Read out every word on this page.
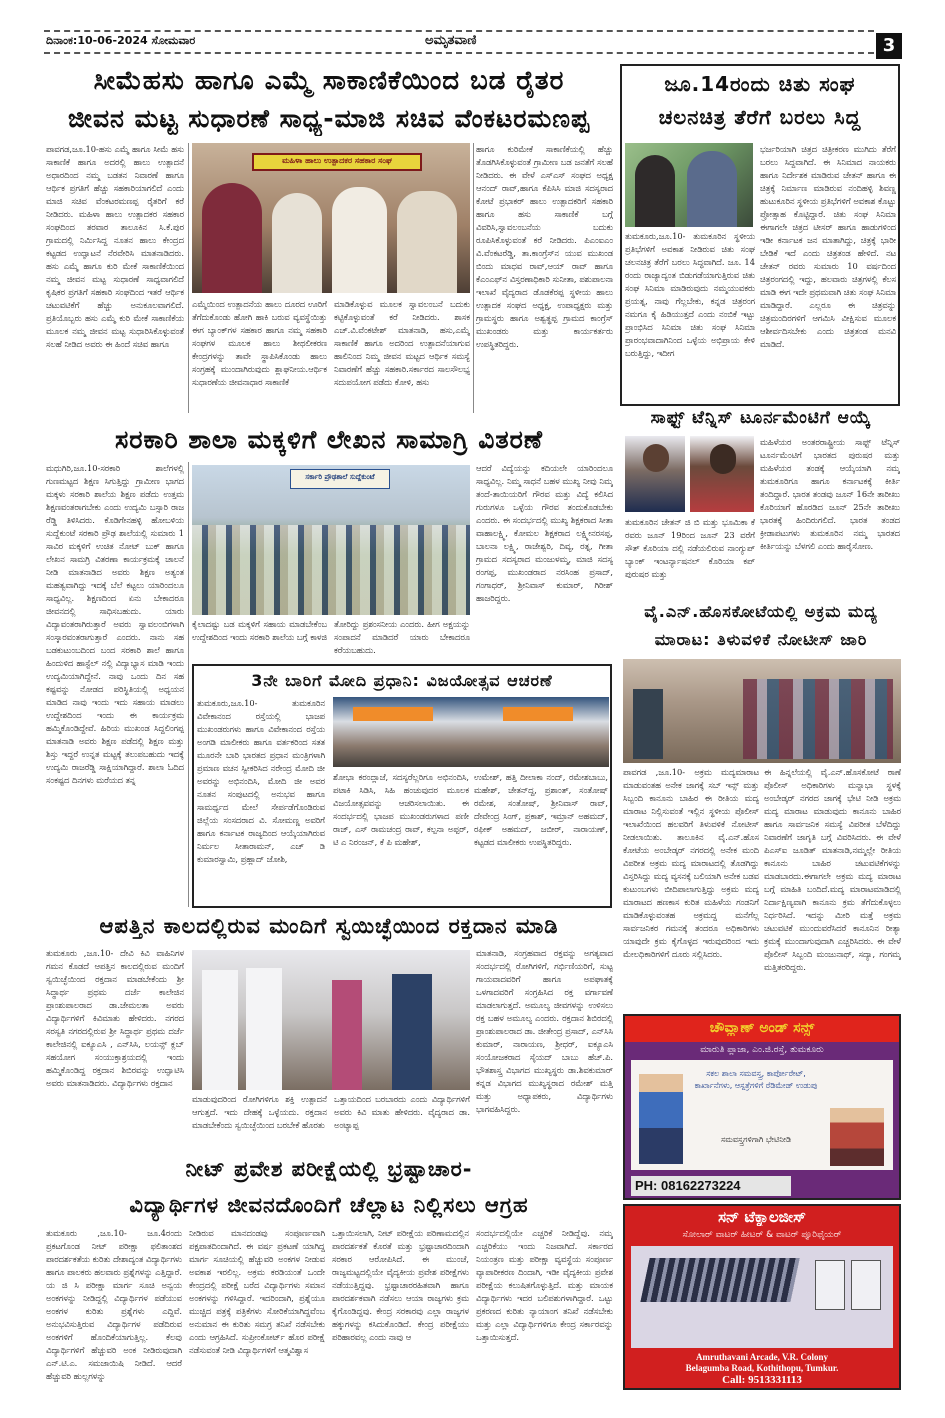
ದಿನಾಂಕ:10-06-2024 ಸೋಮವಾರ	ಅಮೃತವಾಣಿ	3
ಸೀಮೆಹಸು ಹಾಗೂ ಎಮ್ಮೆ ಸಾಕಾಣಿಕೆಯಿಂದ ಬಡ ರೈತರ
ಜೀವನ ಮಟ್ಟ ಸುಧಾರಣೆ ಸಾಧ್ಯ-ಮಾಜಿ ಸಚಿವ ವೆಂಕಟರಮಣಪ್ಪ
ಪಾವಗಡ,ಜೂ.10-ಹಸು ಎಮ್ಮೆ ಹಾಗೂ ಸೀಮೆ ಹಸು ಸಾಕಾಣಿಕೆ ಹಾಗೂ ಅದರಲ್ಲಿ ಹಾಲು ಉತ್ಪಾದನೆ ಅಧಾರದಿಂದ ನಮ್ಮ ಬಡತನ ನಿವಾರಣೆ ಹಾಗೂ ಆರ್ಥಿಕ ಪ್ರಗತಿಗೆ ಹೆಚ್ಚು ಸಹಕಾರಿಯಾಗಲಿದೆ ಎಂದು ಮಾಜಿ ಸಚಿವ ವೆಂಕಟರಮಣಪ್ಪ ರೈತರಿಗೆ ಕರೆ ನೀಡಿದರು. ಮಹಿಳಾ ಹಾಲು ಉತ್ಪಾದಕರ ಸಹಕಾರ ಸಂಘದಿಂದ ತರವಾರ ತಾಲೂಕಿನ ಸಿ.ಕೆ.ಪುರ ಗ್ರಾಮದಲ್ಲಿ ನಿರ್ಮಿಸಿದ್ದ ನೂತನ ಹಾಲು ಕೇಂದ್ರದ ಕಟ್ಟಡದ ಉದ್ಘಾಟನೆ ನೆರವೇರಿಸಿ ಮಾತನಾಡಿದರು. ಹಸು ಎಮ್ಮೆ ಹಾಗೂ ಕುರಿ ಮೇಕೆ ಸಾಕಾಣಿಕೆಯಿಂದ ನಮ್ಮ ಜೀವನ ಮಟ್ಟ ಸುಧಾರಣೆ ಸಾಧ್ಯವಾಗಲಿದೆ ಕೃಷಿಕರ ಪ್ರಗತಿಗೆ ಸಹಕಾರಿ ಸಂಘದಿಂದ ಇತರೆ ಆರ್ಥಿಕ ಚಟುವಟಿಕೆಗೆ ಹೆಚ್ಚು ಅನುಕೂಲವಾಗಲಿದೆ. ಪ್ರತಿಯೊಬ್ಬರು ಹಸು ಎಮ್ಮೆ ಕುರಿ ಮೇಕೆ ಸಾಕಾಣಿಕೆಯ ಮೂಲಕ ನಮ್ಮ ಜೀವನ ಮಟ್ಟ ಸುಧಾರಿಸಿಕೊಳ್ಳುವಂತೆ ಸಲಹೆ ನೀಡಿದ ಅವರು ಈ ಹಿಂದೆ ಸಚಿವ ಹಾಗೂ
ಮಹಿಳಾ ಹಾಲು ಉತ್ಪಾದಕರ ಸಹಕಾರ ಸಂಘ
ಎಮ್ಮೆಯಿಂದ ಉತ್ಪಾದನೆಯ ಹಾಲು ದೂರದ ಊರಿಗೆ ತೆಗೆದುಕೊಂಡು ಹೋಗಿ ಹಾಕಿ ಬರುವ ವ್ಯವಸ್ಥೆಯಿತ್ತು ಈಗ ಬ್ಯಾಂಕ್‌ಗಳ ಸಹಕಾರ ಹಾಗೂ ನಮ್ಮ ಸಹಕಾರಿ ಸಂಘಗಳ ಮೂಲಕ ಹಾಲು ಶೀಥಲೀಕರಣ ಕೇಂದ್ರಗಳನ್ನು ತಾವೇ ಸ್ಥಾಪಿಸಿಕೊಂಡು ಹಾಲು ಸಂಗ್ರಹಕ್ಕೆ ಮುಂದಾಗಿರುವುದು ಶ್ಲಾಘನೀಯ.ಆರ್ಥಿಕ ಸುಧಾರಣೆಯ ಜೀವನಾಧಾರ ಸಾಕಾಣಿಕೆ
ಮಾಡಿಕೊಳ್ಳುವ ಮೂಲಕ ಸ್ವಾವಲಂಬನೆ ಬದುಕು ಕಟ್ಟಿಕೊಳ್ಳುವಂತೆ ಕರೆ ನೀಡಿದರು. ಶಾಸಕ ಎಚ್.ವಿ.ವೆಂಕಟೇಶ್ ಮಾತನಾಡಿ, ಹಸು,ಎಮ್ಮೆ ಸಾಕಾಣಿಕೆ ಹಾಗೂ ಅದರಿಂದ ಉತ್ಪಾದನೆಯಾಗುವ ಹಾಲಿನಿಂದ ನಿಮ್ಮ ಜೀವನ ಮಟ್ಟದ ಆರ್ಥಿಕ ಸಮಸ್ಯೆ ನಿವಾರಣೆಗೆ ಹೆಚ್ಚು ಸಹಕಾರಿ.ಸರ್ಕಾರದ ಸಾಲಸೌಲಭ್ಯ ಸದುಪಯೋಗ ಪಡೆದು ಕೋಳಿ, ಹಸು
ಹಾಗೂ ಕುರಿಮೇಕೆ ಸಾಕಾಣಿಕೆಯಲ್ಲಿ ಹೆಚ್ಚು ತೊಡಗಿಸಿಕೊಳ್ಳುವಂತೆ ಗ್ರಾಮೀಣ ಬಡ ಜನತೆಗೆ ಸಲಹೆ ನೀಡಿದರು. ಈ ವೇಳೆ ಎಸ್‌ಎಸ್ ಸಂಘದ ಅಧ್ಯಕ್ಷ ಆನಂದ್ ರಾವ್,ಹಾಗೂ ಕೆಪಿಸಿಸಿ ಮಾಜಿ ಸದಸ್ಯರಾದ ಕೋಟೆ ಪ್ರಭಾಕರ್ ಹಾಲು ಉತ್ಪಾದಕರಿಗೆ ಸಹಕಾರಿ ಹಾಗೂ ಹಸು ಸಾಕಾಣಿಕೆ ಬಗ್ಗೆ ವಿವರಿಸಿ,ಸ್ವಾವಲಂಬನೆಯ ಬದುಕು ರೂಪಿಸಿಕೊಳ್ಳುವಂತೆ ಕರೆ ನೀಡಿದರು. ಪಿಎಂಐಎಂ ವಿ.ವೆಂಕಟರೆಡ್ಡಿ, ತಾ.ಕಾಂಗ್ರೆಸ್‌ನ ಯುವ ಮುಖಂಡ ಬಿಂದು ಮಾಧವ ರಾವ್,ಆಯ್ ರಾವ್ ಹಾಗೂ ಕೆಎಂಎಫ್‌ನ ವಿಸ್ತರಣಾಧಿಕಾರಿ ಸುನೀತಾ, ಪಶುಪಾಲನಾ ಇಲಾಖೆ ವೈದ್ಯರಾದ ಡೊಡಕೆರಪ್ಪ ಸ್ಥಳೀಯ ಹಾಲು ಉತ್ಪಾದಕ ಸಂಘದ ಅಧ್ಯಕ್ಷ, ಉಪಾಧ್ಯಕ್ಷರು ಮತ್ತು ಗ್ರಾಮಸ್ಥರು ಹಾಗೂ ಅಶ್ವತ್ಥಪ್ಪ ಗ್ರಾಮದ ಕಾಂಗ್ರೆಸ್ ಮುಖಂಡರು ಮತ್ತು ಕಾರ್ಯಕರ್ತರು ಉಪಸ್ಥಿತರಿದ್ದರು.
ಜೂ.14ರಂದು ಚಿತು ಸಂಘ
ಚಲನಚಿತ್ರ ತೆರೆಗೆ ಬರಲು ಸಿದ್ದ
ಭರ್ಜರಿಯಾಗಿ ಚಿತ್ರದ ಚಿತ್ರೀಕರಣ ಮುಗಿದು ತೆರೆಗೆ ಬರಲು ಸಿದ್ದವಾಗಿದೆ. ಈ ಸಿನಿಮಾದ ನಾಯಕರು ಹಾಗೂ ನಿರ್ದೇಶಕ ಮಾಡಿರುವ ಚೇತನ್ ಹಾಗೂ ಈ ಚಿತ್ರಕ್ಕೆ ನಿರ್ಮಾಣ ಮಾಡಿರುವ ನಂದಿಹಳ್ಳಿ ಶಿವಣ್ಣ ಹುಟುಕೂರಿನ ಸ್ಥಳೀಯ ಪ್ರತಿಭೆಗಳಿಗೆ ಅವಕಾಶ ಕೊಟ್ಟು ಪ್ರೋತ್ಸಾಹ ಕೊಟ್ಟಿದ್ದಾರೆ. ಚಿತು ಸಂಘ ಸಿನಿಮಾ ಈಗಾಗಲೇ ಚಿತ್ರದ ಟೀಸರ್ ಹಾಗೂ ಹಾಡುಗಳಿಂದ ಇಡೀ ಕರ್ನಾಟಕ ಜನ ಮಾತಾಗಿದ್ದು, ಚಿತ್ರಕ್ಕೆ ಭಾರೀ ಬೇಡಿಕೆ ಇದೆ ಎಂದು ಚಿತ್ರತಂಡ ಹೇಳಿದೆ. ನಟ ಚೇತನ್ ರವರು ಸುಮಾರು 10 ವರ್ಷದಿಂದ ಚಿತ್ರರಂಗದಲ್ಲಿ ಇದ್ದು, ಹಲವಾರು ಚಿತ್ರಗಳಲ್ಲಿ ಕೆಲಸ ಮಾಡಿ ಈಗ ಇದೇ ಪ್ರಥಮವಾಗಿ ಚಿತು ಸಂಘ ಸಿನಿಮಾ ಮಾಡಿದ್ದಾರೆ. ಎಲ್ಲರೂ ಈ ಚಿತ್ರವನ್ನು ಚಿತ್ರಮಂದಿರಗಳಿಗೆ ಆಗಮಿಸಿ ವೀಕ್ಷಿಸುವ ಮೂಲಕ ಆಶೀರ್ವದಿಸಬೇಕು ಎಂದು ಚಿತ್ರತಂಡ ಮನವಿ ಮಾಡಿದೆ.
ತುಮಕೂರು,ಜೂ.10- ತುಮಕೂರಿನ ಸ್ಥಳೀಯ ಪ್ರತಿಭೆಗಳಿಗೆ ಅವಕಾಶ ನೀಡಿರುವ ಚಿತು ಸಂಘ ಚಲನಚಿತ್ರ ತೆರೆಗೆ ಬರಲು ಸಿದ್ಧವಾಗಿದೆ. ಜೂ. 14 ರಂದು ರಾಜ್ಯಾದ್ಯಂತ ಬಿಡುಗಡೆಯಾಗುತ್ತಿರುವ ಚಿತು ಸಂಘ ಸಿನಿಮಾ ಮಾಡಿರುವುದು ನಮ್ಮಯುವಕರು ಪ್ರಯತ್ನ, ನಾವು ಗೆಲ್ಲಬೇಕು, ಕನ್ನಡ ಚಿತ್ರರಂಗ ನಮಗೂ ಕೈ ಹಿಡಿಯುತ್ತದೆ ಎಂದು ನಂಬಿಕೆ ಇಟ್ಟು ಪ್ರಾಂಭಿಸಿದ ಸಿನಿಮಾ ಚಿತು ಸಂಘ ಸಿನಿಮಾ ಪ್ರಾರಂಭವಾದಾಗಿನಿಂದ ಒಳ್ಳೆಯ ಅಭಿಪ್ರಾಯ ಕೇಳಿ ಬರುತ್ತಿದ್ದು, ಇದೀಗ
ಸರಕಾರಿ ಶಾಲಾ ಮಕ್ಕಳಿಗೆ ಲೇಖನ ಸಾಮಾಗ್ರಿ ವಿತರಣೆ
ಮಧುಗಿರಿ,ಜೂ.10-ಸರಕಾರಿ ಶಾಲೆಗಳಲ್ಲಿ ಗುಣಮಟ್ಟದ ಶಿಕ್ಷಣ ಸಿಗುತ್ತಿದ್ದು ಗ್ರಾಮೀಣ ಭಾಗದ ಮಕ್ಕಳು ಸರಕಾರಿ ಶಾಲೆಯ ಶಿಕ್ಷಣ ಪಡೆದು ಉತ್ತಮ ಶಿಕ್ಷಣವಂತರಾಗಬೇಕು ಎಂದು ಉದ್ಯಮಿ ಬಸ್ಸಾರಿ ರಾಜ ರೆಡ್ಡಿ ತಿಳಿಸಿದರು. ಕೊಡಿಗೇನಹಳ್ಳಿ ಹೋಬಳಿಯ ಸುದ್ದೆಕುಂಟೆ ಸರಕಾರಿ ಪ್ರೌಢ ಶಾಲೆಯಲ್ಲಿ ಸುಮಾರು 1 ಸಾವಿರ ಮಕ್ಕಳಿಗೆ ಉಚಿತ ನೋಟ್ ಬುಕ್ ಹಾಗೂ ಲೇಖನ ಸಾಮಗ್ರಿ ವಿತರಣಾ ಕಾರ್ಯಕ್ರಮಕ್ಕೆ ಚಾಲನೆ ನೀಡಿ ಮಾತನಾಡಿದ ಅವರು ಶಿಕ್ಷಣ ಅತ್ಯಂತ ಮಹತ್ವವಾಗಿದ್ದು ಇದಕ್ಕೆ ಬೆಲೆ ಕಟ್ಟಲು ಯಾರಿಂದಲೂ ಸಾಧ್ಯವಿಲ್ಲ. ಶಿಕ್ಷಣದಿಂದ ಏನು ಬೇಕಾದರೂ ಜೀವನದಲ್ಲಿ ಸಾಧಿಸಬಹುದು. ಯಾರು ವಿದ್ಯಾವಂತರಾಗಿರುತ್ತಾರೆ ಅವರು ಸ್ವಾವಲಂಬಿಗಳಾಗಿ ಸಂಸ್ಕಾರವಂತರಾಗುತ್ತಾರೆ ಎಂದರು. ನಾನು ಸಹ ಬಡಕುಟುಂಬದಿಂದ ಬಂದ ಸರಕಾರಿ ಶಾಲೆ ಹಾಗೂ ಹಿಂದುಳಿದ ಹಾಸ್ಟೆಲ್ ನಲ್ಲಿ ವಿದ್ಯಾಭ್ಯಾಸ ಮಾಡಿ ಇಂದು ಉದ್ಯಮಿಯಾಗಿದ್ದೇನೆ. ನಾವು ಒಂದು ದಿನ ಸಹ ಕಷ್ಟವನ್ನು ನೋಡದ ಪರಿಸ್ಥಿತಿಯಲ್ಲಿ ಅಧ್ಯಯನ ಮಾಡಿದ ನಾವು ಇಂದು ಇದು ಸಹಾಯ ಮಾಡಲು ಉದ್ದೇಶದಿಂದ ಇಂದು ಈ ಕಾರ್ಯಕ್ರಮ ಹಮ್ಮಿಕೊಂಡಿದ್ದೇವೆ. ಹಿರಿಯ ಮುಖಂಡ ಸಿದ್ದಲಿಂಗಪ್ಪ ಮಾತನಾಡಿ ಅವರು ಶಿಕ್ಷಣ ಪಡೆದಲ್ಲಿ ಶಿಕ್ಷಣ ಮತ್ತು ಶಿಸ್ತು ಇದ್ದರೆ ಉನ್ನತ ಮಟ್ಟಕ್ಕೆ ತಲುಪಬಹುದು ಇದಕ್ಕೆ ಉದ್ಯಮಿ ರಾಜರೆಡ್ಡಿ ಸಾಕ್ಷಿಯಾಗಿದ್ದಾರೆ. ಶಾಲಾ ಓದಿದ ಸಂಕಷ್ಟದ ದಿನಗಳು ಮರೆಯದ ತನ್ನ
ಸರ್ಕಾರಿ ಪ್ರೌಢಶಾಲೆ ಸುದ್ದೆಕುಂಟೆ
ಕೈಲಾದಷ್ಟು ಬಡ ಮಕ್ಕಳಿಗೆ ಸಹಾಯ ಮಾಡಬೇಕೆಂಬ ಉದ್ದೇಶದಿಂದ ಇಂದು ಸರಕಾರಿ ಶಾಲೆಯ ಬಗ್ಗೆ ಕಾಳಜಿ
ತೋರಿದ್ದು ಪ್ರಶಂಸನೀಯ ಎಂದರು. ಹೀಗ ಅಕ್ಷಯನ್ನು ಸಂಪಾದನೆ ಮಾಡಿದರೆ ಯಾರು ಬೇಕಾದರೂ ಕರೆಯಬಹುದು.
ಆದರೆ ವಿದ್ಯೆಯನ್ನು ಕದಿಯಲೇ ಯಾರಿಂದಲೂ ಸಾಧ್ಯವಿಲ್ಲ. ನಿಮ್ಮ ಸಾಧನೆ ಬಹಳ ಮುಖ್ಯ ನೀವು ನಿಮ್ಮ ತಂದೆ-ತಾಯಿಯರಿಗೆ ಗೌರವ ಮತ್ತು ವಿದ್ಯೆ ಕಲಿಸಿದ ಗುರುಗಳೂ ಒಳ್ಳೆಯ ಗೌರವ ತಂದುಕೊಡಬೇಕು ಎಂದರು. ಈ ಸಂದರ್ಭದಲ್ಲಿ ಮುಖ್ಯ ಶಿಕ್ಷಕರಾದ ಸೀತಾ ವಾಹಾಲಕ್ಷ್ಮಿ, ಕೋಮಲ ಶಿಕ್ಷಕರಾದ ಲಕ್ಷ್ಮೀನರಸಪ್ಪ, ಬಾಲನಾ ಲಕ್ಷ್ಮಿ, ರಾಜೇಶ್ವರಿ, ದಿವ್ಯ, ರತ್ನ, ಗೀತಾ ಗ್ರಾಮದ ಸದಸ್ಯರಾದ ಮಂಜುಳಮ್ಮ, ಮಾಜಿ ಸದಸ್ಯ ರಂಗಪ್ಪ, ಮುಖಂಡರಾದ ನರಸಿಂಹ ಪ್ರಸಾದ್, ಗಂಗಾಧರ್, ಶ್ರೀನಿವಾಸ್ ಕುಮಾರ್, ಗಿರೀಶ್ ಹಾಜರಿದ್ದರು.
3ನೇ ಬಾರಿಗೆ ಮೋದಿ ಪ್ರಧಾನಿ: ವಿಜಯೋತ್ಸವ ಆಚರಣೆ
ತುಮಕೂರು,ಜೂ.10- ತುಮಕೂರಿನ ವಿವೇಕಾನಂದ ರಸ್ತೆಯಲ್ಲಿ ಭಾಜಪ ಮುಖಂಡರುಗಳು ಹಾಗೂ ವಿವೇಕಾನಂದ ರಸ್ತೆಯ ಅಂಗಡಿ ಮಾಲೀಕರು ಹಾಗೂ ವರ್ತಕರಿಂದ ಸತತ ಮೂರನೇ ಬಾರಿ ಭಾರತದ ಪ್ರಧಾನ ಮಂತ್ರಿಗಳಾಗಿ ಪ್ರಮಾಣ ವಚನ ಸ್ವೀಕರಿಸಿದ ನರೇಂದ್ರ ಮೋದಿ ಜೀ ಅವರನ್ನು ಅಭಿನಂದಿಸಿ, ಮೋದಿ ಜೀ ಅವರ ನೂತನ ಸಂಪುಟದಲ್ಲಿ ಅನುಭವ ಹಾಗೂ ಸಾಮರ್ಥ್ಯದ ಮೇಲೆ ಸೇರ್ಪಡೆಗೊಂಡಿರುವ ಜಿಲ್ಲೆಯ ಸಂಸದರಾದ ವಿ. ಸೋಮಣ್ಣ ಅವರಿಗೆ ಹಾಗೂ ಕರ್ನಾಟಕ ರಾಜ್ಯದಿಂದ ಆಯ್ಕೆಯಾಗಿರುವ ನಿರ್ಮಲ ಸೀತಾರಾಮನ್, ಎಚ್ ಡಿ ಕುಮಾರಸ್ವಾಮಿ, ಪ್ರಹ್ಲಾದ್ ಜೋಶಿ,
ಶೋಭಾ ಕರಂದ್ಲಾಜೆ, ಸದಸ್ಯರೆಲ್ಲರಿಗೂ ಅಭಿನಂದಿಸಿ, ಪಟಾಕಿ ಸಿಡಿಸಿ, ಸಿಹಿ ಹಂಚುವುದರ ಮೂಲಕ ವಿಜಯೋತ್ಸವವನ್ನು ಆಚರಿಸಲಾಯಿತು. ಈ ಸಂದರ್ಭದಲ್ಲಿ ಭಾಜಪ ಮುಖಂಡರುಗಳಾದ ಪಣೀ ರಾಜ್, ಎಸ್ ರಾಮಚಂದ್ರ ರಾವ್, ಕಲ್ಪನಾ ಅಪ್ಪರ್, ಟಿ ಎ ನಿರಂಜನ್, ಕೆ ಪಿ ಮಹೇಶ್,
ಉಮೇಶ್, ಹತ್ತಿ ದೀಲಾಕಾ ನಂದ್, ರಮೇಶಬಾಬು, ಮಹೇಶ್, ಚೇತನ್‌ದ್ದ, ಪ್ರಶಾಂತ್, ಸಂತೋಷ್ ರಮೇಶ, ಸಂತೋಷ್, ಶ್ರೀನಿವಾಸ್ ರಾವ್, ದೇವೇಂದ್ರ ಸಿಂಗ್, ಪ್ರಕಾಶ್, ಇಮ್ರಾನ್ ಅಹಮದ್, ರಫೀಕ್ ಅಹಮದ್, ಜಬೀರ್, ನಾರಾಯಣ್, ಕಟ್ಟಡದ ಮಾಲೀಕರು ಉಪಸ್ಥಿತರಿದ್ದರು.
ಸಾಫ್ಟ್ ಟೆನ್ನಿಸ್ ಟೂರ್ನಮೆಂಟಿಗೆ ಆಯ್ಕೆ
ಮಹಿಳೆಯರ ಅಂತರರಾಷ್ಟ್ರೀಯ ಸಾಫ್ಟ್ ಟೆನ್ನಿಸ್ ಟೂರ್ನಮೆಂಟಿಗೆ ಭಾರತದ ಪುರುಷರ ಮತ್ತು ಮಹಿಳೆಯರ ತಂಡಕ್ಕೆ ಆಯ್ಕೆಯಾಗಿ ನಮ್ಮ ತುಮಕೂರಿಗೂ ಹಾಗೂ ಕರ್ನಾಟಕಕ್ಕೆ ಕೀರ್ತಿ ತಂದಿದ್ದಾರೆ. ಭಾರತ ತಂಡವು ಜೂನ್ 16ನೇ ತಾರೀಖು ಕೊರಿಯಾಗೆ ಹೊರಡಿದ ಜೂನ್ 25ನೇ ತಾರೀಖು ಭಾರತಕ್ಕೆ ಹಿಂದಿರುಗಲಿದೆ. ಭಾರತ ತಂಡದ ಕ್ರೀಡಾಪಟುಗಳು ತುಮಕೂರಿನ ನಮ್ಮ ಭಾರತದ ಕೀರ್ತಿಯನ್ನು ಬೆಳಗಲಿ ಎಂದು ಹಾರೈಸೋಣ.
ತುಮಕೂರಿನ ಚೇತನ್ ಜಿ ಬಿ ಮತ್ತು ಭೂಮಿಕಾ ಕೆ ರವರು ಜೂನ್ 19ರಿಂದ ಜೂನ್ 23 ವರೆಗೆ ಸೌತ್ ಕೊರಿಯಾ ದಲ್ಲಿ ನಡೆಯಲಿರುವ ನಾಂಗ್ಯುಪ್ ಬ್ಯಾಂಕ್ ಇಂಟರ್ನ್ಯಾಷನಲ್ ಕೊರಿಯಾ ಕಪ್ ಪುರುಷರ ಮತ್ತು
ವೈ.ಎನ್.ಹೊಸಕೋಟೆಯಲ್ಲಿ ಅಕ್ರಮ ಮದ್ಯ
ಮಾರಾಟ: ತಿಳುವಳಿಕೆ ನೋಟೀಸ್ ಜಾರಿ
ಪಾವಗಡ ,ಜೂ.10- ಅಕ್ರಮ ಮದ್ಯಮಾರಾಟ ಮಾಡುವಂತಹ ಅನೇಕ ಜಾಗಕ್ಕೆ ಸಬ್ ಇನ್ಸ್ ಮತ್ತು ಸಿಬ್ಬಂದಿ ಕಾನೂನು ಬಾಹಿರ ಈ ರೀತಿಯ ಮದ್ಯ ಮಾರಾಟ ನಿಲ್ಲಿಸುವಂತೆ ಇಲ್ಲಿನ ಸ್ಥಳೀಯ ಪೊಲೀಸ್ ಇಲಾಖೆಯಿಂದ ಹಲವರಿಗೆ ತಿಳುವಳಿಕೆ ನೋಟೀಸ್ ನೀಡಲಾಯಿತು. ತಾಲೂಕಿನ ವೈ.ಎನ್.ಹೊಸ ಕೋಟೆಯ ಅಂಬೇಡ್ಕರ್ ನಗರದಲ್ಲಿ ಅನೇಕ ಮಂದಿ ವಿಪರೀತ ಅಕ್ರಮ ಮದ್ಯ ಮಾರಾಟದಲ್ಲಿ ತೊಡಗಿದ್ದು ವಿಸ್ತರಿಸಿದ್ದು ಮದ್ಯ ವ್ಯಸನಕ್ಕೆ ಬಲಿಯಾಗಿ ಅನೇಕ ಬಡವ ಕುಟುಂಬಗಳು ಬೀದಿಪಾಲಾಗುತ್ತಿದ್ದು ಅಕ್ರಮ ಮದ್ಯ ಮಾರಾಟದ ಹಣಕಾಸ ಕುರಿತ ಮಹಿಳೆಯ ಗಂಡನಿಗೆ ಮಾಡಿಕೊಳ್ಳುವಂತಹ ಅಕ್ರಮದ್ದ ಮನೆಗೆಲ್ಲ ಸಾರ್ವಜನಿಕರ ಗಮನಕ್ಕೆ ತಂದರೂ ಅಧಿಕಾರಿಗಳು ಯಾವುದೇ ಕ್ರಮ ಕೈಗೊಳ್ಳದ ಇರುವುದರಿಂದ ಇದು ಮೇಲಧಿಕಾರಿಗಳಿಗೆ ದೂರು ಸಲ್ಲಿಸಿದರು.
ಈ ಹಿನ್ನಲೆಯಲ್ಲಿ ವೈ.ಎನ್.ಹೊಸಕೋಟೆ ಠಾಣೆ ಪೊಲೀಸ್ ಅಧಿಕಾರಿಗಳು ಮನ್ನಾಭಾ ಸ್ಥಳಕ್ಕೆ ಅಂಬೇಡ್ಕರ್ ನಗರದ ಜಾಗಕ್ಕೆ ಭೇಟಿ ನೀಡಿ ಅಕ್ರಮ ಮದ್ಯ ಮಾರಾಟ ಮಾಡುವುದು ಕಾನೂನು ಬಾಹಿರ ಹಾಗೂ ಸಾರ್ವಜನಿಕ ಸಮಸ್ಯೆ ವಿಪರೀತ ಬೆಳೆದಿದ್ದು ನಿವಾರಣೆಗೆ ಜಾಗೃತಿ ಬಗ್ಗೆ ವಿವರಿಸಿದರು. ಈ ವೇಳೆ ಪಿಎಸ್‌ಐ ಜೂಡಿತ್ ಮಾತನಾಡಿ,ನಮ್ಮಲ್ಲೇ ರೀತಿಯ ಕಾನೂನು ಬಾಹಿರ ಚಟುವಟಿಕೆಗಳನ್ನು ಮಾಡಬಾರದು.ಈಗಾಗಲೇ ಅಕ್ರಮ ಮದ್ಯ ಮಾರಾಟ ಬಗ್ಗೆ ಮಾಹಿತಿ ಬಂದಿದೆ.ಮದ್ಯ ಮಾರಾಟಮಾಡಿದಲ್ಲಿ ನಿರ್ದಾಕ್ಷಿಣ್ಯವಾಗಿ ಕಾನೂನು ಕ್ರಮ ತೆಗೆದುಕೊಳ್ಳಲು ನಿರ್ಧರಿಸಿದೆ. ಇದನ್ನು ಮೀರಿ ಮತ್ತೆ ಅಕ್ರಮ ಚಟುವಟಿಕೆ ಮುಂದುವರೆಸಿದರೆ ಕಾನೂನಿನ ರೀತ್ಯಾ ಕ್ರಮಕ್ಕೆ ಮುಂದಾಗುವುದಾಗಿ ಎಚ್ಚರಿಸಿದರು. ಈ ವೇಳೆ ಪೊಲೀಸ್ ಸಿಬ್ಬಂದಿ ಮಂಜುನಾಥ್, ಸದ್ಯಾ, ಗಂಗಮ್ಮ ಮತ್ತಿತರರಿದ್ದರು.
ಆಪತ್ತಿನ ಕಾಲದಲ್ಲಿರುವ ಮಂದಿಗೆ ಸ್ವಯಿಚ್ಛೆಯಿಂದ ರಕ್ತದಾನ ಮಾಡಿ
ತುಮಕೂರು ,ಜೂ.10- ದೇವಿ ಕಿವಿ ವಾಹಿನಿಗಳ ಗಮನ ಕೊಡದೆ ಆಪತ್ತಿನ ಕಾಲದಲ್ಲಿರುವ ಮಂದಿಗೆ ಸ್ವಯಿಚ್ಛೆಯಿಂದ ರಕ್ತದಾನ ಮಾಡಬೇಕೆಂದು ಶ್ರೀ ಸಿದ್ಧಾರ್ಥ ಪ್ರಥಮ ದರ್ಜೆ ಕಾಲೇಜಿನ ಪ್ರಾಂಶುಪಾಲರಾದ ಡಾ.ಜೇಮಲತಾ ಅವರು ವಿದ್ಯಾರ್ಥಿಗಳಿಗೆ ಕಿವಿಮಾತು ಹೇಳಿದರು. ನಗರದ ಸರಸ್ವತಿ ನಗರದಲ್ಲಿರುವ ಶ್ರೀ ಸಿದ್ಧಾರ್ಥ ಪ್ರಥಮ ದರ್ಜೆ ಕಾಲೇಜಿನಲ್ಲಿ ಐಕ್ಯೂಎಸಿ , ಎನ್‌ಸಿಸಿ, ಲಯನ್ಸ್ ಕ್ಲಬ್ ಸಹಯೋಗ ಸಂಯುಕ್ತಾಶ್ರಯದಲ್ಲಿ ಇಂದು ಹಮ್ಮಿಕೊಂಡಿದ್ದ ರಕ್ತದಾನ ಶಿಬಿರವನ್ನು ಉದ್ಘಾಟಿಸಿ ಅವರು ಮಾತನಾಡಿದರು. ವಿದ್ಯಾರ್ಥಿಗಳು ರಕ್ತದಾನ
ಮಾಡುವುದರಿಂದ ರೋಗಿಗಳಿಗೂ ಶಕ್ತಿ ಉತ್ಪಾದನೆ ಆಗುತ್ತದೆ. ಇದು ದೇಹಕ್ಕೆ ಒಳ್ಳೆಯದು. ರಕ್ತದಾನ ಮಾಡಬೇಕೆಂದು ಸ್ವಯಿಚ್ಛೆಯಿಂದ ಬರಬೇಕೆ ಹೊರತು
ಒತ್ತಾಯದಿಂದ ಬರಬಾರದು ಎಂದು ವಿದ್ಯಾರ್ಥಿಗಳಿಗೆ ಅವರು ಕಿವಿ ಮಾತು ಹೇಳಿದರು. ವೈದ್ಯರಾದ ಡಾ. ಅಂಟ್ಯಾಪ್ಪ
ಮಾತನಾಡಿ, ಸಂಗ್ರಹವಾದ ರಕ್ತವನ್ನು ಅಗತ್ಯವಾದ ಸಂದರ್ಭದಲ್ಲಿ ರೋಗಿಗಳಿಗೆ, ಗರ್ಭಿಣಿಯರಿಗೆ, ಸುಟ್ಟ ಗಾಯವಾದವರಿಗೆ ಹಾಗೂ ಅಪಘಾತಕ್ಕೆ ಒಳಗಾದವರಿಗೆ ಸಂಗ್ರಹಿಸಿದ ರಕ್ತ ವರ್ಗಾವಣೆ ಮಾಡಲಾಗುತ್ತದೆ. ಅಮೂಲ್ಯ ಜೀವಗಳನ್ನು ಉಳಿಸಲು ರಕ್ತ ಬಹಳ ಅಮೂಲ್ಯ ಎಂದರು. ರಕ್ತದಾನ ಶಿಬಿರದಲ್ಲಿ ಪ್ರಾಂಶುಪಾಲರಾದ ಡಾ. ಜೀತೇಂದ್ರ ಪ್ರಸಾದ್, ಎನ್‌ಸಿಸಿ ಕುಮಾರ್, ನಾರಾಯಣ, ಶ್ರೀಧರ್, ಐಕ್ಯೂಎಸಿ ಸಂಯೋಜಕರಾದ ಸೈಯದ್ ಬಾಬು ಹೆಚ್.ಪಿ. ಭೌತಶಾಸ್ತ್ರ ವಿಭಾಗದ ಮುಖ್ಯಸ್ಥರು ಡಾ.ಶಿವಕುಮಾರ್ ಕನ್ನಡ ವಿಭಾಗದ ಮುಖ್ಯಸ್ಥರಾದ ರಮೇಶ್ ಮತ್ತಿ ಮತ್ತು ಅಧ್ಯಾಪಕರು, ವಿದ್ಯಾರ್ಥಿಗಳು ಭಾಗವಹಿಸಿದ್ದರು.
ನೀಟ್ ಪ್ರವೇಶ ಪರೀಕ್ಷೆಯಲ್ಲಿ ಭ್ರಷ್ಟಾಚಾರ-
ವಿದ್ಯಾರ್ಥಿಗಳ ಜೀವನದೊಂದಿಗೆ ಚೆಲ್ಲಾಟ ನಿಲ್ಲಿಸಲು ಆಗ್ರಹ
ತುಮಕೂರು ,ಜೂ.10- ಜೂ.4ರಂದು ಪ್ರಕಟಗೊಂಡ ನೀಟ್ ಪರೀಕ್ಷಾ ಫಲಿತಾಂಶದ ಪಾರದರ್ಶಕತೆಯ ಕುರಿತು ದೇಶಾದ್ಯಂತ ವಿದ್ಯಾರ್ಥಿಗಳು ಹಾಗೂ ಪಾಲಕರು ಹಲವಾರು ಪ್ರಶ್ನೆಗಳನ್ನು ಎತ್ತಿದ್ದಾರೆ. ಯ ಜಿ ಸಿ ಪರೀಕ್ಷಾ ಮಾರ್ಗ ಸೂಚಿ ಅನ್ವಯ ಅಂಕಗಳನ್ನು ನೀಡಿದ್ದಲ್ಲಿ ವಿದ್ಯಾರ್ಥಿಗಳ ಪಡೆಯುವ ಅಂಕಗಳ ಕುರಿತು ಪ್ರಶ್ನೆಗಳು ಎದ್ದಿವೆ. ಅನುಭವಿಸುತ್ತಿರುವ ವಿದ್ಯಾರ್ಥಿಗಳ ಪಡೆದಿರುವ ಅಂಕಗಳಿಗೆ ಹೊಂದಿಕೆಯಾಗುತ್ತಿಲ್ಲ. ಕೆಲವು ವಿದ್ಯಾರ್ಥಿಗಳಿಗೆ ಹೆಚ್ಚುವರಿ ಅಂಕ ನೀಡಿರುವುದಾಗಿ ಎನ್.ಟಿ.ಎ. ಸಮಜಾಯಿಷಿ ನೀಡಿದೆ. ಆದರೆ ಹೆಚ್ಚುವರಿ ಹುಲ್ಲಗಳನ್ನು
ನೀಡಿರುವ ಮಾನದಂಡವು ಸಂಪೂರ್ಣವಾಗಿ ಪಕ್ಷಪಾತದಿಂದಾಗಿದೆ. ಈ ವರ್ಷ ಪ್ರಕಟಣೆ ಯಾಗಿದ್ದ ಮಾರ್ಗ ಸೂಚಿಯಲ್ಲಿ ಹೆಚ್ಚುವರಿ ಅಂಕಗಳ ನೀಡುವ ಅವಕಾಶ ಇರಲಿಲ್ಲ. ಅಕ್ರಮ ಕರಡಿಯಂತೆ ಒಂದೇ ಕೇಂದ್ರದಲ್ಲಿ ಪರೀಕ್ಷೆ ಬರೆದ ವಿದ್ಯಾರ್ಥಿಗಳು ಸಮಾನ ಅಂಕಗಳನ್ನು ಗಳಿಸಿದ್ದಾರೆ. ಇದರಿಂದಾಗಿ, ಪ್ರಶ್ನೆಯೂ ಮುಚ್ಚಿದ ಪತ್ರಕ್ಕೆ ಪತ್ರಿಕೆಗಳು ಸೋರಿಕೆಯಾಗಿದ್ದವೆಂಬ ಅನುಮಾನ ಈ ಕುರಿತು ಸಮಗ್ರ ತನಿಖೆ ನಡೆಸಬೇಕು ಎಂದು ಆಗ್ರಹಿಸಿದೆ. ಸುಪ್ರೀಂಕೋರ್ಟ್ ಹೊರ ಪರೀಕ್ಷೆ ನಡೆಸುವಂತೆ ನೀಡಿ ವಿದ್ಯಾರ್ಥಿಗಳಿಗೆ ಆತ್ಮವಿಶ್ವಾಸ
ಒತ್ತಾಯಿಸಲಾಗಿ, ನೀಟ್ ಪರೀಕ್ಷೆಯ ಪರಿಣಾಮದಲ್ಲಿನ ಪಾರದರ್ಶಕತೆ ಕೊರತೆ ಮತ್ತು ಭ್ರಷ್ಟಾಚಾರದಿಂದಾಗಿ ಸರಕಾರ ಆರೋಪಿಸಿದೆ. ಈ ಮುಂಚೆ, ರಾಜ್ಯಮಟ್ಟದಲ್ಲಿಯೇ ವೈದ್ಯಕೀಯ ಪ್ರವೇಶ ಪರೀಕ್ಷೆಗಳು ನಡೆಯುತ್ತಿದ್ದವು. ಭ್ರಷ್ಟಾಚಾರರಹಿತವಾಗಿ ಹಾಗೂ ಪಾರದರ್ಶಕವಾಗಿ ನಡೆಸಲು ಆಯಾ ರಾಜ್ಯಗಳು ಕ್ರಮ ಕೈಗೊಂಡಿದ್ದವು. ಕೇಂದ್ರ ಸರಕಾರವು ಎಲ್ಲಾ ರಾಜ್ಯಗಳ ಹಕ್ಕುಗಳನ್ನು ಕಸಿದುಕೊಂಡಿದೆ. ಕೇಂದ್ರ ಪರೀಕ್ಷೆಯು ಪರಿಹಾರವಲ್ಲ ಎಂದು ನಾವು ಆ
ಸಂದರ್ಭದಲ್ಲಿಯೇ ಎಚ್ಚರಿಕೆ ನೀಡಿದ್ದೆವು. ನಮ್ಮ ಎಚ್ಚರಿಕೆಯು ಇಂದು ನಿಜವಾಗಿದೆ. ಸರ್ಕಾರದ ನಿಯಂತ್ರಣ ಮತ್ತು ಪರೀಕ್ಷಾ ವ್ಯವಸ್ಥೆಯ ಸಂಪೂರ್ಣ ವ್ಯಾಪಾರೀಕರಣ ದಿಂದಾಗಿ, ಇಡೀ ವೈದ್ಯಕೀಯ ಪ್ರವೇಶ ಪರೀಕ್ಷೆಯ ಕಲುಷಿತಗೊಳ್ಳುತ್ತಿದೆ. ಮತ್ತು ಮಾಯಕ ವಿದ್ಯಾರ್ಥಿಗಳು ಇದರ ಬಲಿಪಶುಗಳಾಗಿದ್ದಾರೆ. ಒಟ್ಟು ಪ್ರಕರಣದ ಕುರಿತು ನ್ಯಾಯಾಂಗ ತನಿಖೆ ನಡೆಸಬೇಕು ಮತ್ತು ಎಲ್ಲಾ ವಿದ್ಯಾರ್ಥಿಗಳಿಗೂ ಕೇಂದ್ರ ಸರ್ಕಾರವನ್ನು ಒತ್ತಾಯಿಸುತ್ತದೆ.
ಚೌವ್ಹಾಣ್ ಅಂಡ್ ಸನ್ಸ್
ಮಾರುತಿ ಪ್ಲಾಜಾ, ಎಂ.ಜಿ.ರಸ್ತೆ, ತುಮಕೂರು
ಸಕಲ ಶಾಲಾ ಸಮವಸ್ತ್ರ, ಕಾರ್ಪೋರೇಟ್, ಕಾರ್ಖಾನೆಗಳು, ಆಸ್ಪತ್ರೆಗಳಿಗೆ ರೆಡಿಮೇಡ್ ಉಡುಪು
ಸಮವಸ್ತ್ರಗಳಿಗಾಗಿ ಭೇಟಿನೀಡಿ
PH: 08162273224
ಸನ್ ಟೆಕ್ನಾಲಜೀಸ್
ಸೋಲಾರ್ ವಾಟರ್ ಹೀಟರ್ & ವಾಟರ್ ಪ್ಯೂರಿಫೈಯರ್
Amruthavani Arcade, V.R. Colony
Belagumba Road, Kothithopu, Tumkur.
Call: 9513331113
